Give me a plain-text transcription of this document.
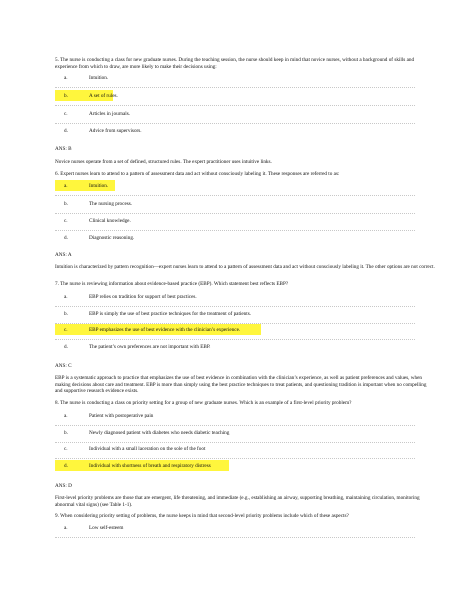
5. The nurse is conducting a class for new graduate nurses. During the teaching session, the nurse should keep in mind that novice nurses, without a background of skills and experience from which to draw, are more likely to make their decisions using:
a.	Intuition.
b.	A set of rules.
c.	Articles in journals.
d.	Advice from supervisors.
ANS: B
Novice nurses operate from a set of defined, structured rules. The expert practitioner uses intuitive links.
6. Expert nurses learn to attend to a pattern of assessment data and act without consciously labeling it. These responses are referred to as:
a.	Intuition.
b.	The nursing process.
c.	Clinical knowledge.
d.	Diagnostic reasoning.
ANS: A
Intuition is characterized by pattern recognition—expert nurses learn to attend to a pattern of assessment data and act without consciously labeling it. The other options are not correct.
7. The nurse is reviewing information about evidence-based practice (EBP). Which statement best reflects EBP?
a.	EBP relies on tradition for support of best practices.
b.	EBP is simply the use of best practice techniques for the treatment of patients.
c.	EBP emphasizes the use of best evidence with the clinician’s experience.
d.	The patient’s own preferences are not important with EBP.
ANS: C
EBP is a systematic approach to practice that emphasizes the use of best evidence in combination with the clinician’s experience, as well as patient preferences and values, when making decisions about care and treatment. EBP is more than simply using the best practice techniques to treat patients, and questioning tradition is important when no compelling and supportive research evidence exists.
8. The nurse is conducting a class on priority setting for a group of new graduate nurses. Which is an example of a first-level priority problem?
a.	Patient with postoperative pain
b.	Newly diagnosed patient with diabetes who needs diabetic teaching
c.	Individual with a small laceration on the sole of the foot
d.	Individual with shortness of breath and respiratory distress
ANS: D
First-level priority problems are those that are emergent, life threatening, and immediate (e.g., establishing an airway, supporting breathing, maintaining circulation, monitoring abnormal vital signs) (see Table 1-1).
9. When considering priority setting of problems, the nurse keeps in mind that second-level priority problems include which of these aspects?
a.	Low self-esteem
